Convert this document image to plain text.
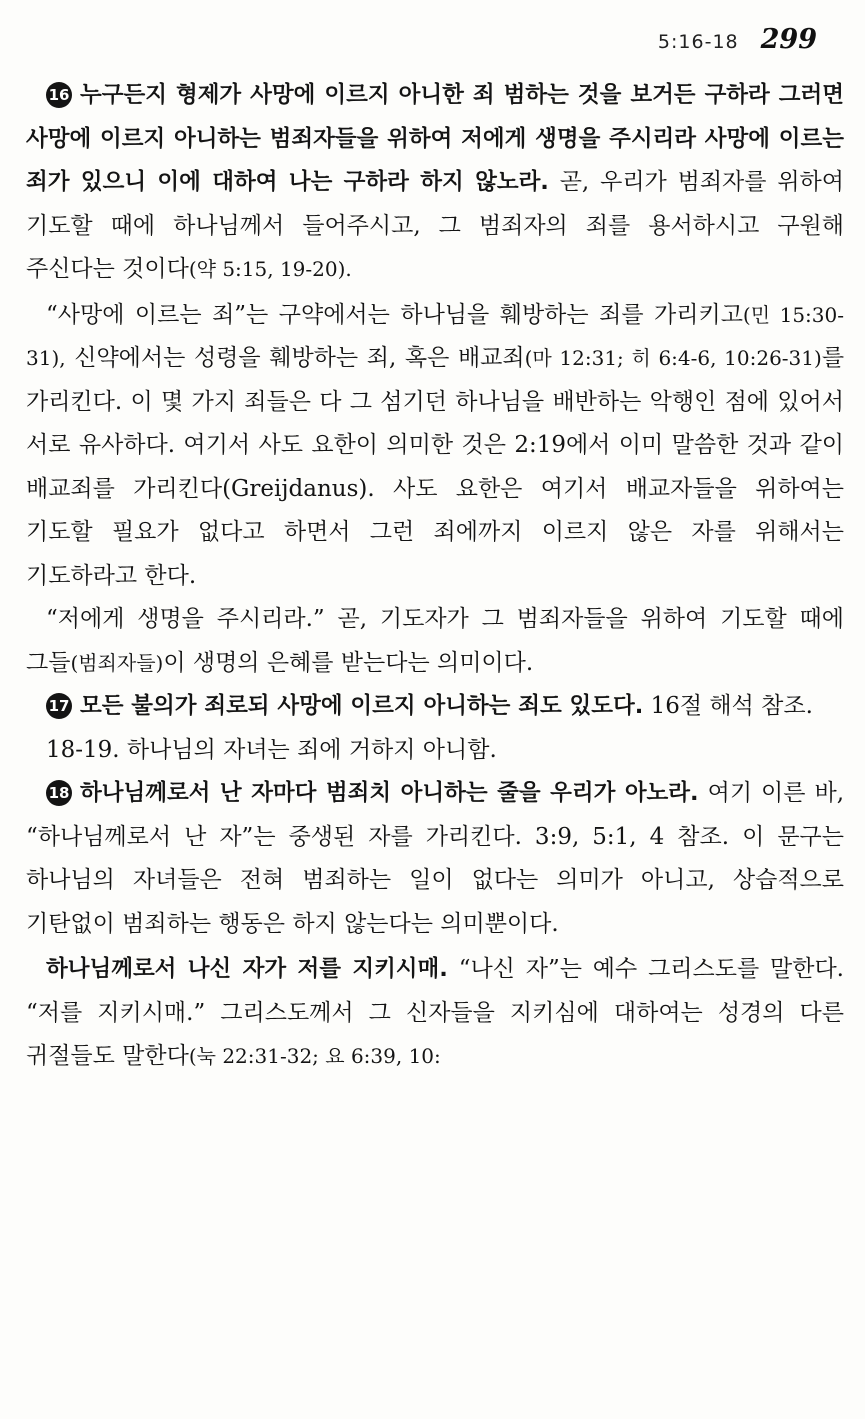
5:16-18 299

16 누구든지 형제가 사망에 이르지 아니한 죄 범하는 것을 보거든 구하라 그러면 사망에 이르지 아니하는 범죄자들을 위하여 저에게 생명을 주시리라 사망에 이르는 죄가 있으니 이에 대하여 나는 구하라 하지 않노라. 곧, 우리가 범죄자를 위하여 기도할 때에 하나님께서 들어주시고, 그 범죄자의 죄를 용서하시고 구원해 주신다는 것이다(약 5:15, 19-20).

“사망에 이르는 죄”는 구약에서는 하나님을 훼방하는 죄를 가리키고(민 15:30-31), 신약에서는 성령을 훼방하는 죄, 혹은 배교죄(마 12:31; 히 6:4-6, 10:26-31)를 가리킨다. 이 몇 가지 죄들은 다 그 섬기던 하나님을 배반하는 악행인 점에 있어서 서로 유사하다. 여기서 사도 요한이 의미한 것은 2:19에서 이미 말씀한 것과 같이 배교죄를 가리킨다(Greijdanus). 사도 요한은 여기서 배교자들을 위하여는 기도할 필요가 없다고 하면서 그런 죄에까지 이르지 않은 자를 위해서는 기도하라고 한다.

“저에게 생명을 주시리라.” 곧, 기도자가 그 범죄자들을 위하여 기도할 때에 그들(범죄자들)이 생명의 은혜를 받는다는 의미이다.

17 모든 불의가 죄로되 사망에 이르지 아니하는 죄도 있도다. 16절 해석 참조.

18-19. 하나님의 자녀는 죄에 거하지 아니함.

18 하나님께로서 난 자마다 범죄치 아니하는 줄을 우리가 아노라. 여기 이른 바, “하나님께로서 난 자”는 중생된 자를 가리킨다. 3:9, 5:1, 4 참조. 이 문구는 하나님의 자녀들은 전혀 범죄하는 일이 없다는 의미가 아니고, 상습적으로 기탄없이 범죄하는 행동은 하지 않는다는 의미뿐이다.

하나님께로서 나신 자가 저를 지키시매. “나신 자”는 예수 그리스도를 말한다. “저를 지키시매.” 그리스도께서 그 신자들을 지키심에 대하여는 성경의 다른 귀절들도 말한다(눅 22:31-32; 요 6:39, 10:
